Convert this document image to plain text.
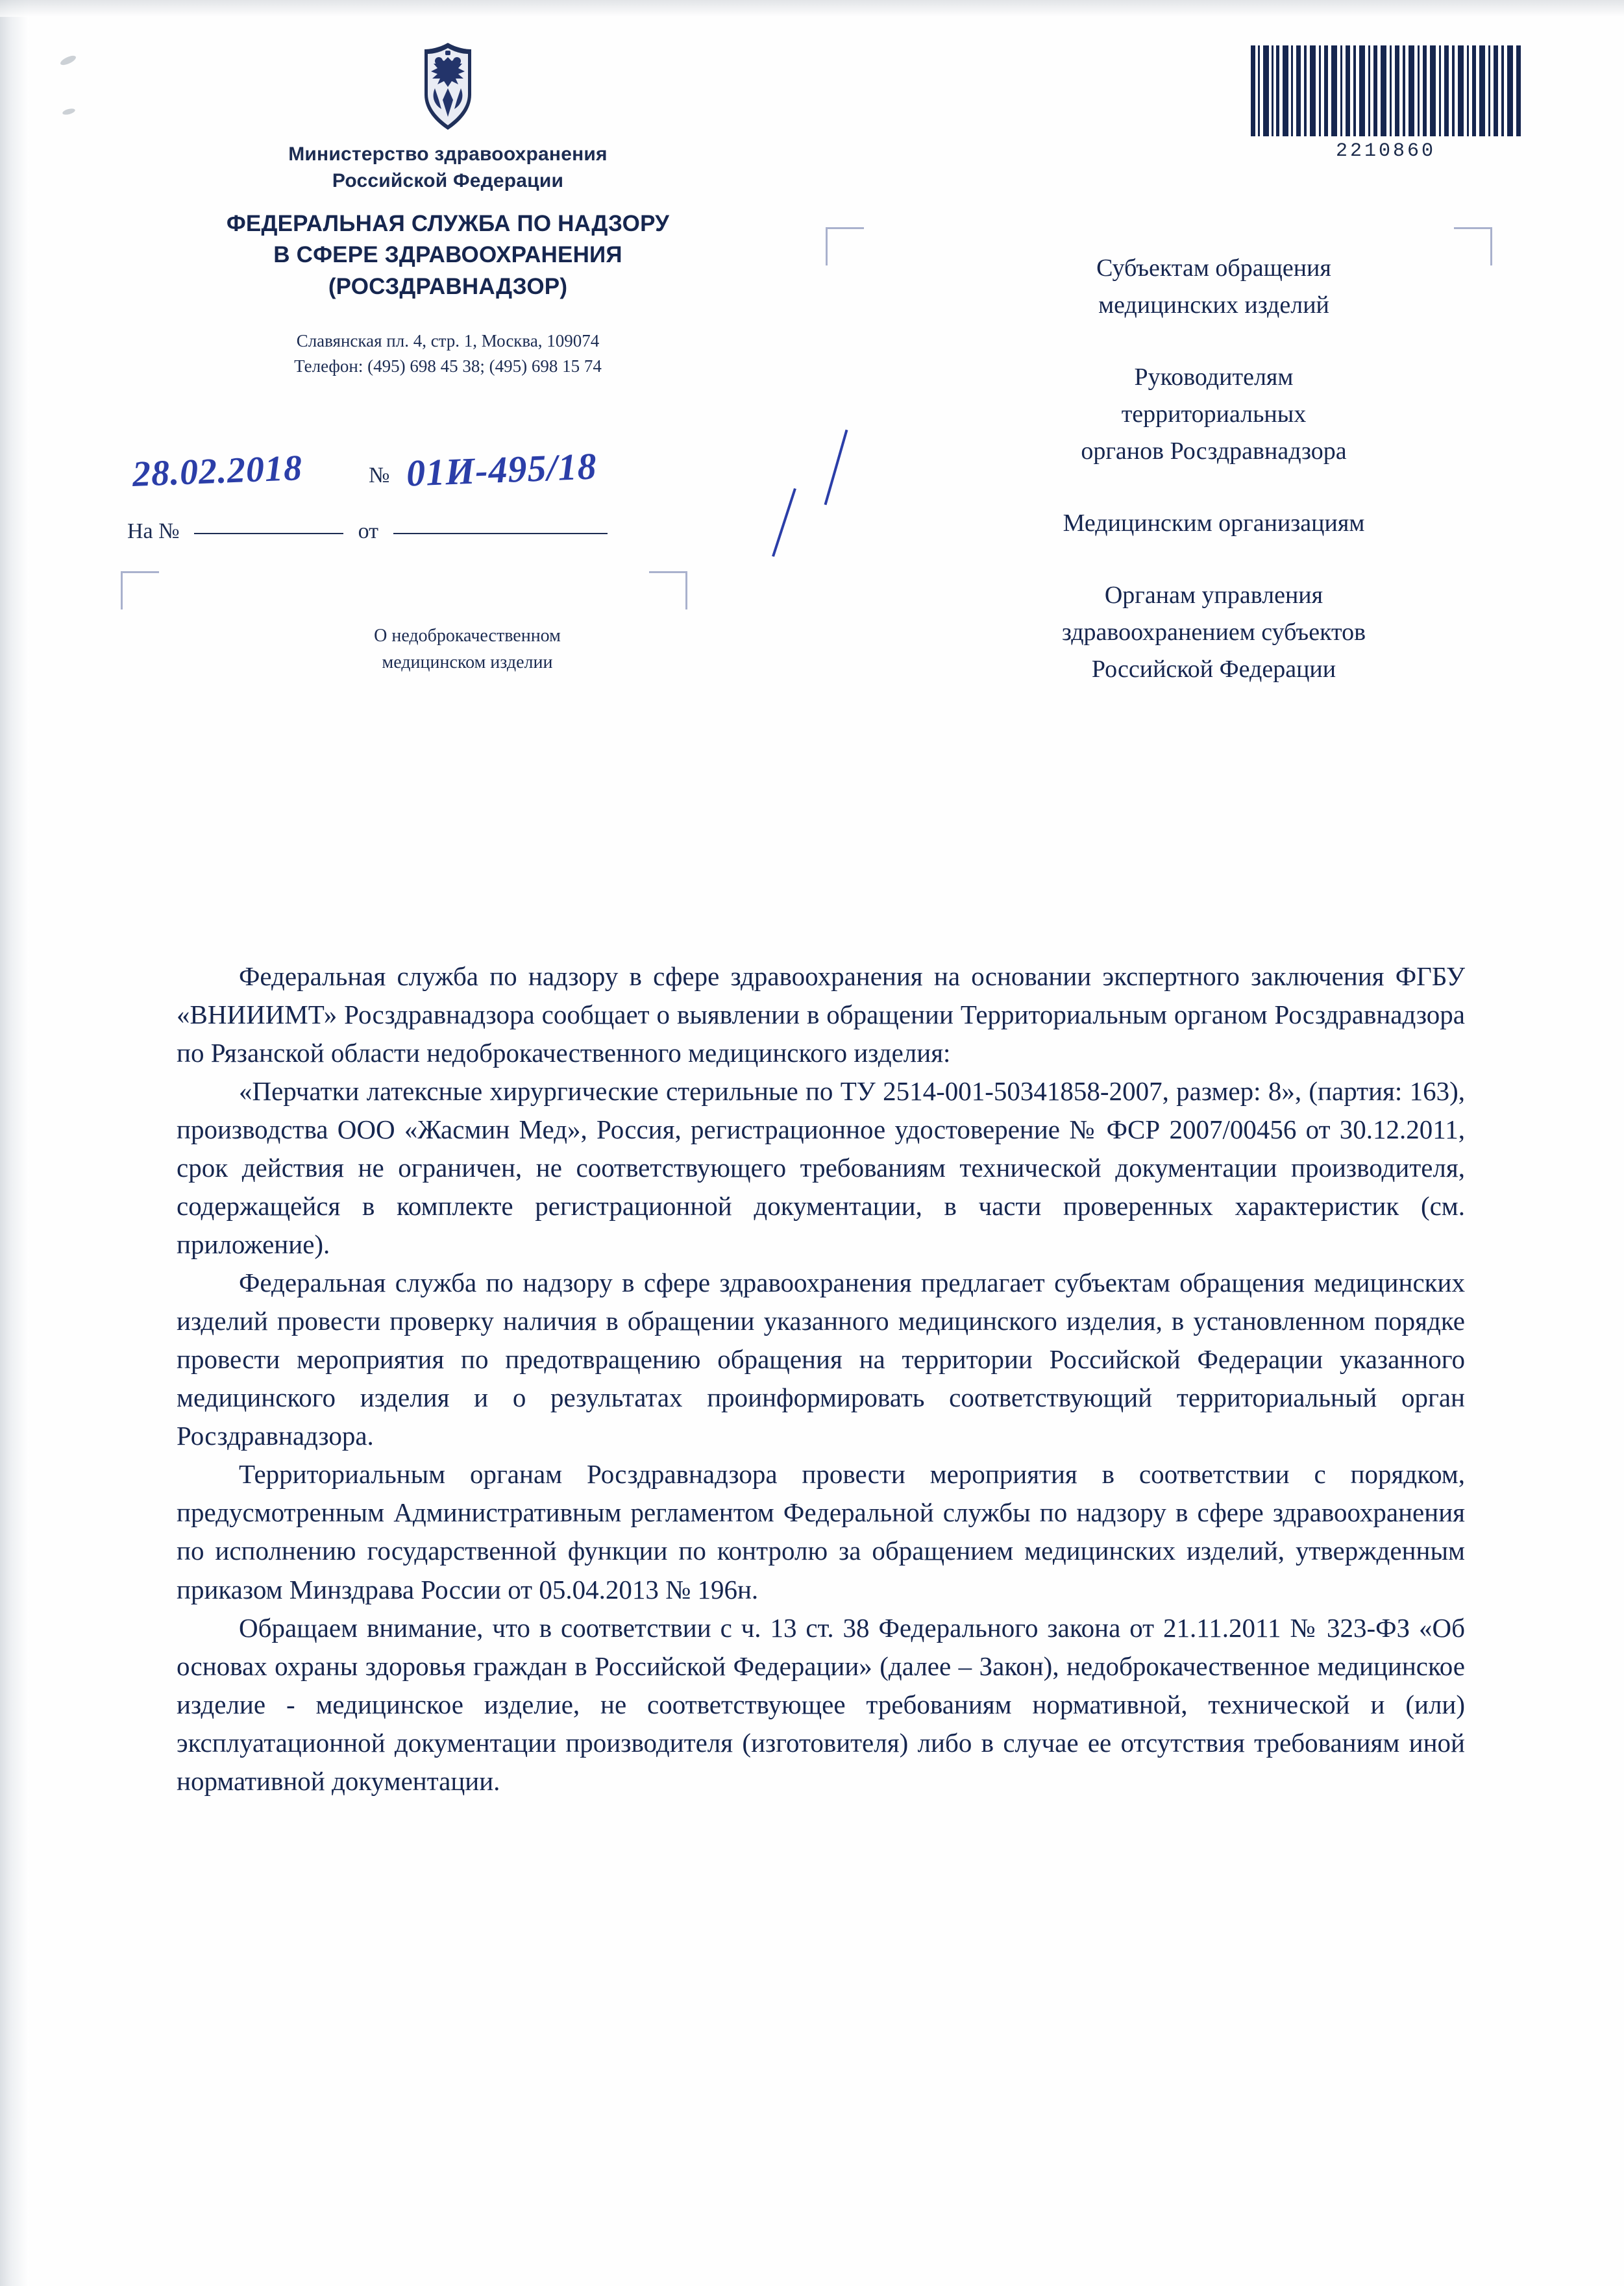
Министерство здравоохранения
Российской Федерации
ФЕДЕРАЛЬНАЯ СЛУЖБА ПО НАДЗОРУ
В СФЕРЕ ЗДРАВООХРАНЕНИЯ
(РОСЗДРАВНАДЗОР)
Славянская пл. 4, стр. 1, Москва, 109074
Телефон: (495) 698 45 38; (495) 698 15 74
28.02.2018	№ 01И-495/18
На №	от
О недоброкачественном
медицинском изделии
2210860

Субъектам обращения
медицинских изделий

Руководителям
территориальных
органов Росздравнадзора

Медицинским организациям

Органам управления
здравоохранением субъектов
Российской Федерации

Федеральная служба по надзору в сфере здравоохранения на основании экспертного заключения ФГБУ «ВНИИИМТ» Росздравнадзора сообщает о выявлении в обращении Территориальным органом Росздравнадзора по Рязанской области недоброкачественного медицинского изделия:

«Перчатки латексные хирургические стерильные по ТУ 2514-001-50341858-2007, размер: 8», (партия: 163), производства ООО «Жасмин Мед», Россия, регистрационное удостоверение № ФСР 2007/00456 от 30.12.2011, срок действия не ограничен, не соответствующего требованиям технической документации производителя, содержащейся в комплекте регистрационной документации, в части проверенных характеристик (см. приложение).

Федеральная служба по надзору в сфере здравоохранения предлагает субъектам обращения медицинских изделий провести проверку наличия в обращении указанного медицинского изделия, в установленном порядке провести мероприятия по предотвращению обращения на территории Российской Федерации указанного медицинского изделия и о результатах проинформировать соответствующий территориальный орган Росздравнадзора.

Территориальным органам Росздравнадзора провести мероприятия в соответствии с порядком, предусмотренным Административным регламентом Федеральной службы по надзору в сфере здравоохранения по исполнению государственной функции по контролю за обращением медицинских изделий, утвержденным приказом Минздрава России от 05.04.2013 № 196н.

Обращаем внимание, что в соответствии с ч. 13 ст. 38 Федерального закона от 21.11.2011 № 323-ФЗ «Об основах охраны здоровья граждан в Российской Федерации» (далее – Закон), недоброкачественное медицинское изделие - медицинское изделие, не соответствующее требованиям нормативной, технической и (или) эксплуатационной документации производителя (изготовителя) либо в случае ее отсутствия требованиям иной нормативной документации.
